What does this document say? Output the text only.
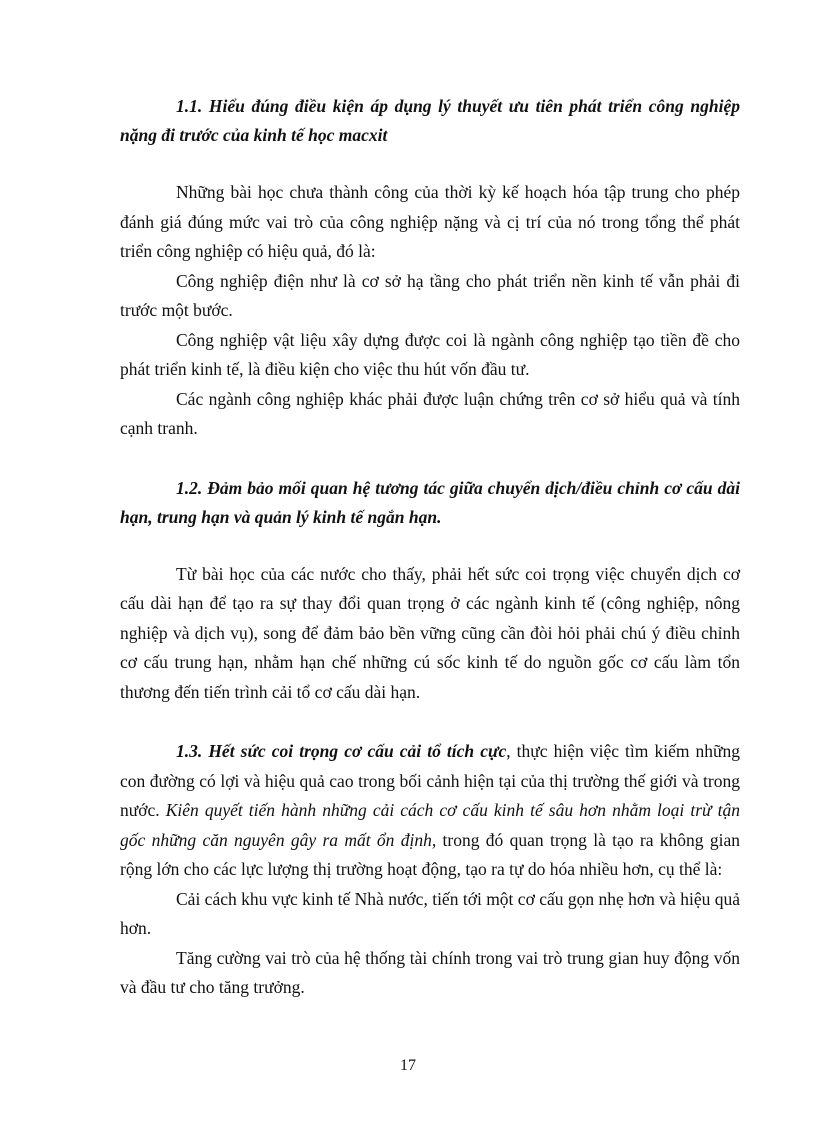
1.1. Hiểu đúng điều kiện áp dụng lý thuyết ưu tiên phát triển công nghiệp nặng đi trước của kinh tế học macxit

Những bài học chưa thành công của thời kỳ kế hoạch hóa tập trung cho phép đánh giá đúng mức vai trò của công nghiệp nặng và cị trí của nó trong tổng thể phát triển công nghiệp có hiệu quả, đó là:

Công nghiệp điện như là cơ sở hạ tầng cho phát triển nền kinh tế vẫn phải đi trước một bước.

Công nghiệp vật liệu xây dựng được coi là ngành công nghiệp tạo tiền đề cho phát triển kinh tế, là điều kiện cho việc thu hút vốn đầu tư.

Các ngành công nghiệp khác phải được luận chứng trên cơ sở hiểu quả và tính cạnh tranh.

1.2. Đảm bảo mối quan hệ tương tác giữa chuyển dịch/điều chỉnh cơ cấu dài hạn, trung hạn và quản lý kinh tế ngắn hạn.

Từ bài học của các nước cho thấy, phải hết sức coi trọng việc chuyển dịch cơ cấu dài hạn để tạo ra sự thay đổi quan trọng ở các ngành kinh tế (công nghiệp, nông nghiệp và dịch vụ), song để đảm bảo bền vững cũng cần đòi hỏi phải chú ý điều chỉnh cơ cấu trung hạn, nhằm hạn chế những cú sốc kinh tế do nguồn gốc cơ cấu làm tổn thương đến tiến trình cải tổ cơ cấu dài hạn.

1.3. Hết sức coi trọng cơ cấu cải tổ tích cực, thực hiện việc tìm kiếm những con đường có lợi và hiệu quả cao trong bối cảnh hiện tại của thị trường thế giới và trong nước. Kiên quyết tiến hành những cải cách cơ cấu kinh tế sâu hơn nhằm loại trừ tận gốc những căn nguyên gây ra mất ổn định, trong đó quan trọng là tạo ra không gian rộng lớn cho các lực lượng thị trường hoạt động, tạo ra tự do hóa nhiều hơn, cụ thể là:

Cải cách khu vực kinh tế Nhà nước, tiến tới một cơ cấu gọn nhẹ hơn và hiệu quả hơn.

Tăng cường vai trò của hệ thống tài chính trong vai trò trung gian huy động vốn và đầu tư cho tăng trưởng.

17
